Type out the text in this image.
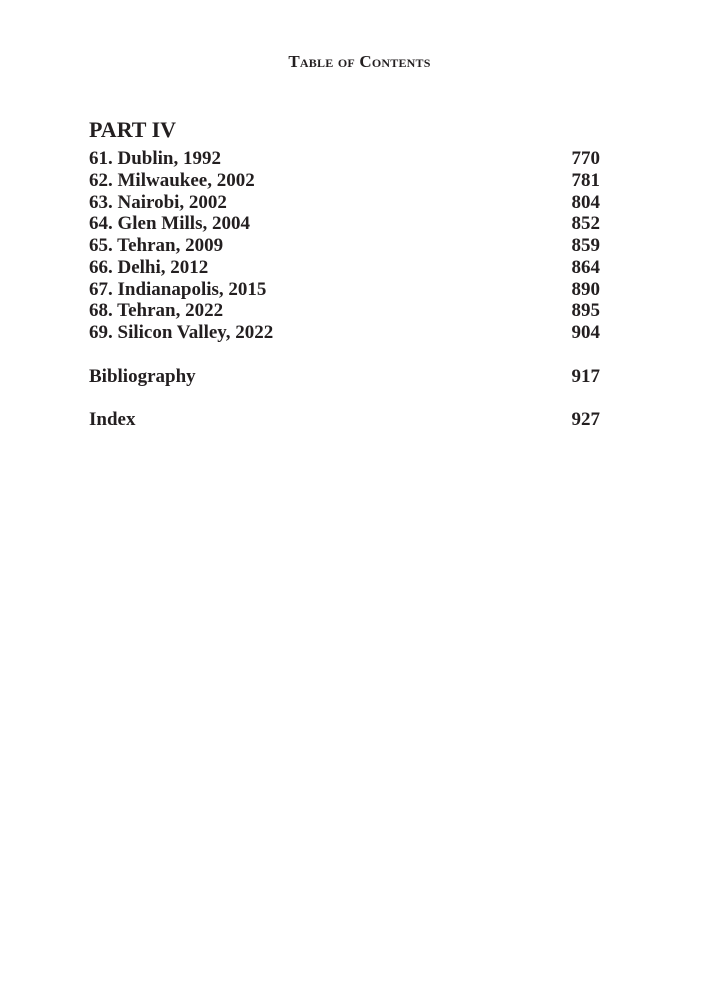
Table of Contents
PART IV
61. Dublin, 1992	770
62. Milwaukee, 2002	781
63. Nairobi, 2002	804
64. Glen Mills, 2004	852
65. Tehran, 2009	859
66. Delhi, 2012	864
67. Indianapolis, 2015	890
68. Tehran, 2022	895
69. Silicon Valley, 2022	904
Bibliography	917
Index	927
